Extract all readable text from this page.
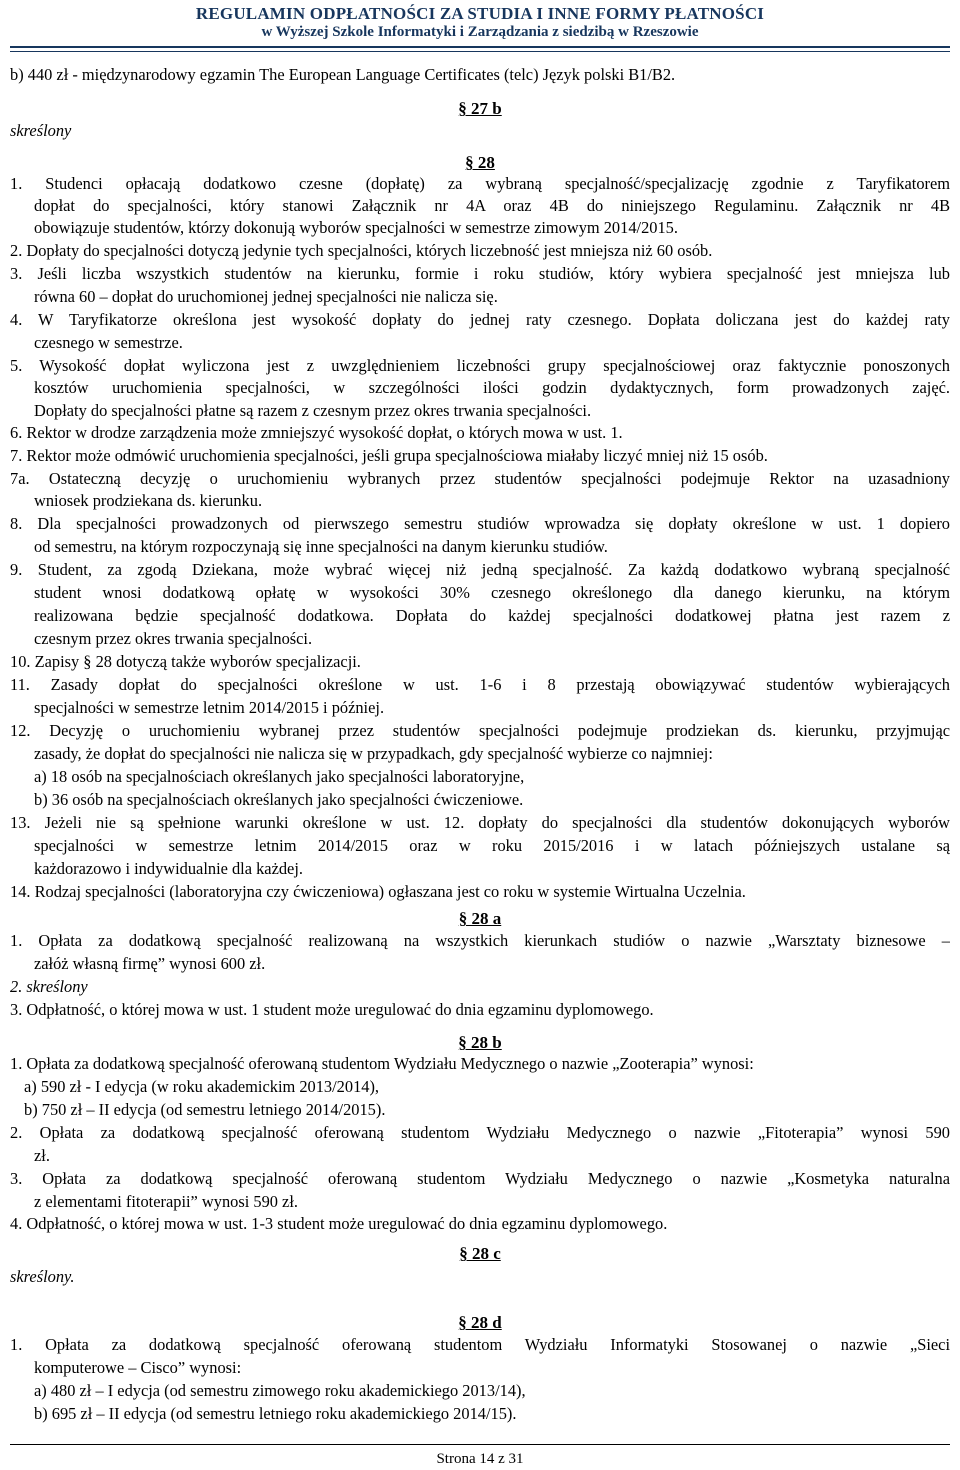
REGULAMIN ODPŁATNOŚCI ZA STUDIA I INNE FORMY PŁATNOŚCI
w Wyższej Szkole Informatyki i Zarządzania z siedzibą w Rzeszowie
b) 440 zł - międzynarodowy egzamin The European Language Certificates (telc) Język polski B1/B2.
§ 27 b
skreślony
§ 28
1. Studenci opłacają dodatkowo czesne (dopłatę) za wybraną specjalność/specjalizację zgodnie z Taryfikatorem
dopłat do specjalności, który stanowi Załącznik nr 4A oraz 4B do niniejszego Regulaminu. Załącznik nr 4B
obowiązuje studentów, którzy dokonują wyborów specjalności w semestrze zimowym 2014/2015.
2. Dopłaty do specjalności dotyczą jedynie tych specjalności, których liczebność jest mniejsza niż 60 osób.
3. Jeśli liczba wszystkich studentów na kierunku, formie i roku studiów, który wybiera specjalność jest mniejsza lub
równa 60 – dopłat do uruchomionej jednej specjalności nie nalicza się.
4. W Taryfikatorze określona jest wysokość dopłaty do jednej raty czesnego. Dopłata doliczana jest do każdej raty
czesnego w semestrze.
5. Wysokość dopłat wyliczona jest z uwzględnieniem liczebności grupy specjalnościowej oraz faktycznie ponoszonych
kosztów uruchomienia specjalności, w szczególności ilości godzin dydaktycznych, form prowadzonych zajęć.
Dopłaty do specjalności płatne są razem z czesnym przez okres trwania specjalności.
6. Rektor w drodze zarządzenia może zmniejszyć wysokość dopłat, o których mowa w ust. 1.
7. Rektor może odmówić uruchomienia specjalności, jeśli grupa specjalnościowa miałaby liczyć mniej niż 15 osób.
7a. Ostateczną decyzję o uruchomieniu wybranych przez studentów specjalności podejmuje Rektor na uzasadniony
wniosek prodziekana ds. kierunku.
8. Dla specjalności prowadzonych od pierwszego semestru studiów wprowadza się dopłaty określone w ust. 1 dopiero
od semestru, na którym rozpoczynają się inne specjalności na danym kierunku studiów.
9. Student, za zgodą Dziekana, może wybrać więcej niż jedną specjalność. Za każdą dodatkowo wybraną specjalność
student wnosi dodatkową opłatę w wysokości 30% czesnego określonego dla danego kierunku, na którym
realizowana będzie specjalność dodatkowa. Dopłata do każdej specjalności dodatkowej płatna jest razem z
czesnym przez okres trwania specjalności.
10. Zapisy § 28 dotyczą także wyborów specjalizacji.
11. Zasady dopłat do specjalności określone w ust. 1-6 i 8 przestają obowiązywać studentów wybierających
specjalności w semestrze letnim 2014/2015 i później.
12. Decyzję o uruchomieniu wybranej przez studentów specjalności podejmuje prodziekan ds. kierunku, przyjmując
zasady, że dopłat do specjalności nie nalicza się w przypadkach, gdy specjalność wybierze co najmniej:
a) 18 osób na specjalnościach określanych jako specjalności laboratoryjne,
b) 36 osób na specjalnościach określanych jako specjalności ćwiczeniowe.
13. Jeżeli nie są spełnione warunki określone w ust. 12. dopłaty do specjalności dla studentów dokonujących wyborów
specjalności w semestrze letnim 2014/2015 oraz w roku 2015/2016 i w latach późniejszych ustalane są
każdorazowo i indywidualnie dla każdej.
14. Rodzaj specjalności (laboratoryjna czy ćwiczeniowa) ogłaszana jest co roku w systemie Wirtualna Uczelnia.
§ 28 a
1. Opłata za dodatkową specjalność realizowaną na wszystkich kierunkach studiów o nazwie „Warsztaty biznesowe –
załóż własną firmę” wynosi 600 zł.
2. skreślony
3. Odpłatność, o której mowa w ust. 1 student może uregulować do dnia egzaminu dyplomowego.
§ 28 b
1. Opłata za dodatkową specjalność oferowaną studentom Wydziału Medycznego o nazwie „Zooterapia” wynosi:
a) 590 zł - I edycja (w roku akademickim 2013/2014),
b) 750 zł – II edycja (od semestru letniego 2014/2015).
2. Opłata za dodatkową specjalność oferowaną studentom Wydziału Medycznego o nazwie „Fitoterapia” wynosi 590
zł.
3. Opłata za dodatkową specjalność oferowaną studentom Wydziału Medycznego o nazwie „Kosmetyka naturalna
z elementami fitoterapii” wynosi 590 zł.
4. Odpłatność, o której mowa w ust. 1-3 student może uregulować do dnia egzaminu dyplomowego.
§ 28 c
skreślony.
§ 28 d
1. Opłata za dodatkową specjalność oferowaną studentom Wydziału Informatyki Stosowanej o nazwie „Sieci
komputerowe – Cisco” wynosi:
a) 480 zł – I edycja (od semestru zimowego roku akademickiego 2013/14),
b) 695 zł – II edycja (od semestru letniego roku akademickiego 2014/15).
Strona 14 z 31
